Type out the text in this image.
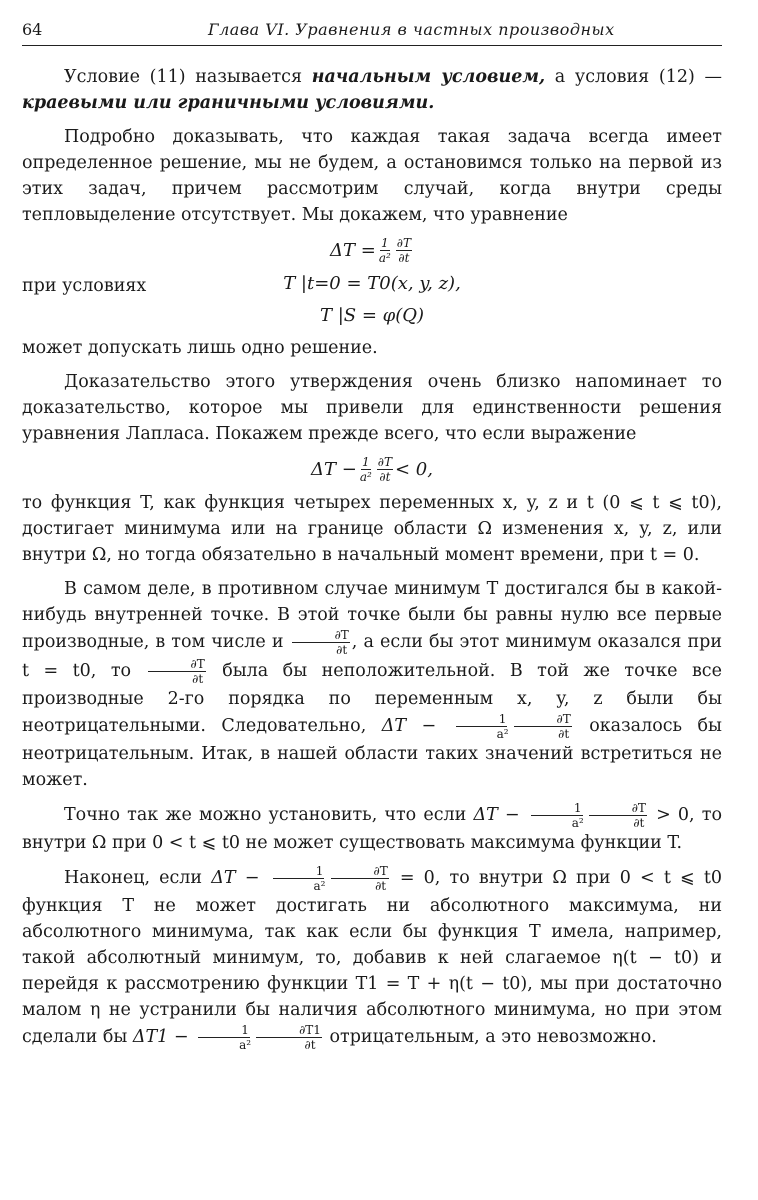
64	Глава VI. Уравнения в частных производных

Условие (11) называется начальным условием, а условия (12) — краевыми или граничными условиями.

Подробно доказывать, что каждая такая задача всегда имеет определенное решение, мы не будем, а остановимся только на первой из этих задач, причем рассмотрим случай, когда внутри среды тепловыделение отсутствует. Мы докажем, что уравнение

$\Delta T = \frac{1}{\text{a²}} \frac{\partial T}{\partial t}$
при условиях	T |t=0 = T0(x, y, z),
T |S = φ(Q)

может допускать лишь одно решение.

Доказательство этого утверждения очень близко напоминает то доказательство, которое мы привели для единственности решения уравнения Лапласа. Покажем прежде всего, что если выражение

$\Delta T - \frac{1}{\text{a²}} \frac{\partial T}{\partial t} < 0$,

то функция T, как функция четырех переменных x, y, z и t (0 ⩽ t ⩽ t0), достигает минимума или на границе области Ω изменения x, y, z, или внутри Ω, но тогда обязательно в начальный момент времени, при t = 0.

В самом деле, в противном случае минимум T достигался бы в какой-нибудь внутренней точке. В этой точке были бы равны нулю все первые производные, в том числе и $\frac{\partial T}{\partial t}$ , а если бы этот минимум оказался при t = t0, то $\frac{\partial T}{\partial t}$ была бы неположительной. В той же точке все производные 2-го порядка по переменным x, y, z были бы неотрицательными. Следовательно, $\Delta T - \frac{1}{\text{a²}} \frac{\partial T}{\partial t}$ оказалось бы неотрицательным. Итак, в нашей области таких значений встретиться не может.

Точно так же можно установить, что если $\Delta T - \frac{1}{\text{a²}} \frac{\partial T}{\partial t} > 0$, то внутри Ω при 0 < t ⩽ t0 не может существовать максимума функции T.

Наконец, если $\Delta T - \frac{1}{\text{a²}} \frac{\partial T}{\partial t} = 0$, то внутри Ω при 0 < t ⩽ t0 функция T не может достигать ни абсолютного максимума, ни абсолютного минимума, так как если бы функция T имела, например, такой абсолютный минимум, то, добавив к ней слагаемое η(t − t0) и перейдя к рассмотрению функции T1 = T + η(t − t0), мы при достаточно малом η не устранили бы наличия абсолютного минимума, но при этом сделали бы $\Delta T1 - \frac{1}{\text{a²}} \frac{\partial T1}{\partial t}$ отрицательным, а это невозможно.
